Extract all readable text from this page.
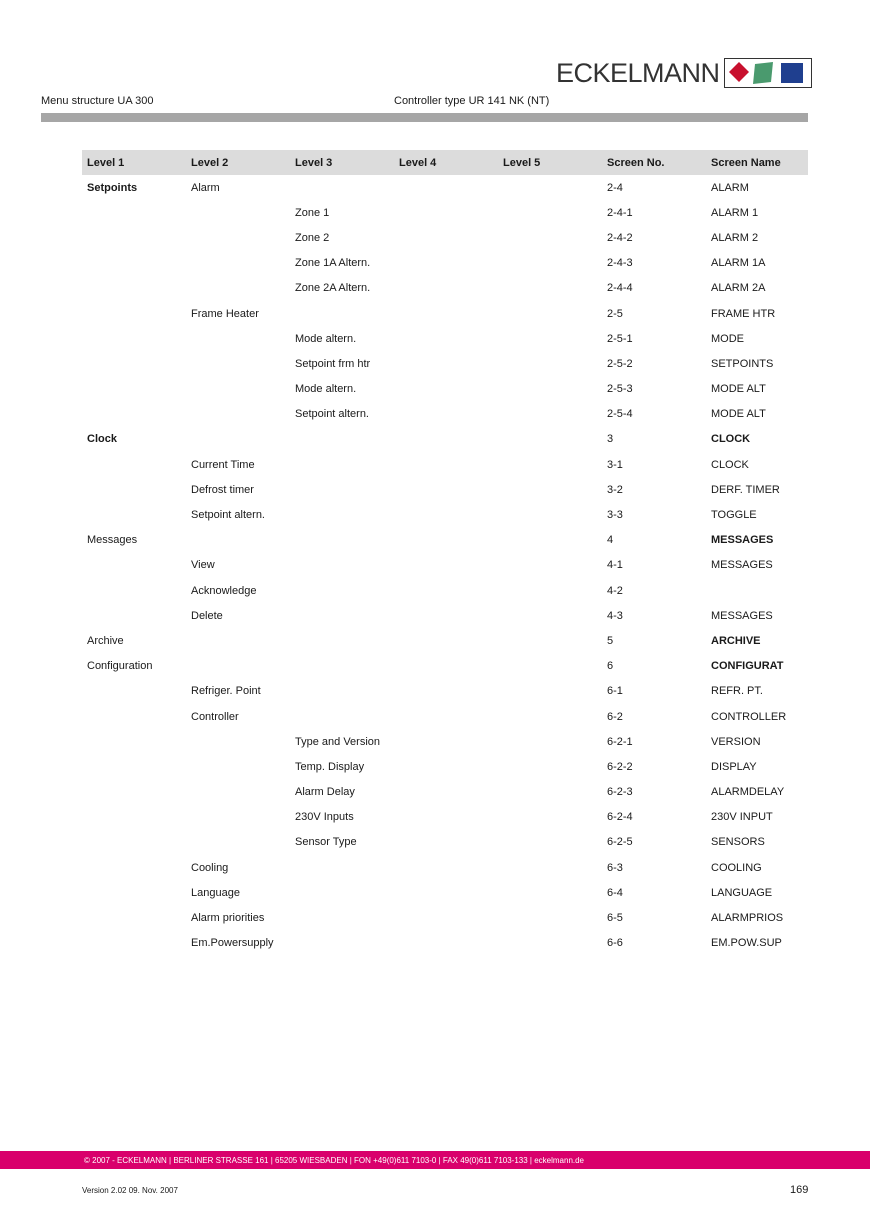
ECKELMANN
Menu structure UA 300	Controller type UR 141 NK (NT)
Level 1	Level 2	Level 3	Level 4	Level 5	Screen No.	Screen Name
Setpoints	Alarm				2-4	ALARM
		Zone 1			2-4-1	ALARM 1
		Zone 2			2-4-2	ALARM 2
		Zone 1A Altern.			2-4-3	ALARM 1A
		Zone 2A Altern.			2-4-4	ALARM 2A
	Frame Heater				2-5	FRAME HTR
		Mode altern.			2-5-1	MODE
		Setpoint frm htr			2-5-2	SETPOINTS
		Mode altern.			2-5-3	MODE ALT
		Setpoint altern.			2-5-4	MODE ALT
Clock					3	CLOCK
	Current Time				3-1	CLOCK
	Defrost timer				3-2	DERF. TIMER
	Setpoint altern.				3-3	TOGGLE
Messages					4	MESSAGES
	View				4-1	MESSAGES
	Acknowledge				4-2	
	Delete				4-3	MESSAGES
Archive					5	ARCHIVE
Configuration					6	CONFIGURAT
	Refriger. Point				6-1	REFR. PT.
	Controller				6-2	CONTROLLER
		Type and Version			6-2-1	VERSION
		Temp. Display			6-2-2	DISPLAY
		Alarm Delay			6-2-3	ALARMDELAY
		230V Inputs			6-2-4	230V INPUT
		Sensor Type			6-2-5	SENSORS
	Cooling				6-3	COOLING
	Language				6-4	LANGUAGE
	Alarm priorities				6-5	ALARMPRIOS
	Em.Powersupply				6-6	EM.POW.SUP
© 2007 - ECKELMANN | BERLINER STRASSE 161 | 65205 WIESBADEN | FON +49(0)611 7103-0 | FAX 49(0)611 7103-133 | eckelmann.de
Version 2.02 09. Nov. 2007	169
